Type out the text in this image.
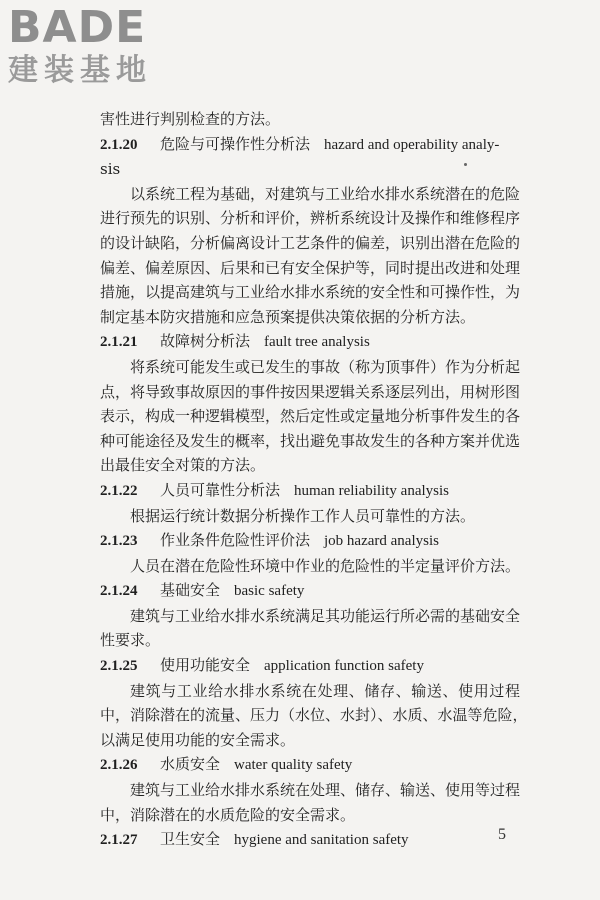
BADE
建装基地
害性进行判别检查的方法。
2.1.20 危险与可操作性分析法 hazard and operability analy-
sis
以系统工程为基础，对建筑与工业给水排水系统潜在的危险
进行预先的识别、分析和评价，辨析系统设计及操作和维修程序
的设计缺陷，分析偏离设计工艺条件的偏差，识别出潜在危险的
偏差、偏差原因、后果和已有安全保护等，同时提出改进和处理
措施，以提高建筑与工业给水排水系统的安全性和可操作性，为
制定基本防灾措施和应急预案提供决策依据的分析方法。
2.1.21 故障树分析法 fault tree analysis
将系统可能发生或已发生的事故（称为顶事件）作为分析起
点，将导致事故原因的事件按因果逻辑关系逐层列出，用树形图
表示，构成一种逻辑模型，然后定性或定量地分析事件发生的各
种可能途径及发生的概率，找出避免事故发生的各种方案并优选
出最佳安全对策的方法。
2.1.22 人员可靠性分析法 human reliability analysis
根据运行统计数据分析操作工作人员可靠性的方法。
2.1.23 作业条件危险性评价法 job hazard analysis
人员在潜在危险性环境中作业的危险性的半定量评价方法。
2.1.24 基础安全 basic safety
建筑与工业给水排水系统满足其功能运行所必需的基础安全
性要求。
2.1.25 使用功能安全 application function safety
建筑与工业给水排水系统在处理、储存、输送、使用过程
中，消除潜在的流量、压力（水位、水封）、水质、水温等危险，
以满足使用功能的安全需求。
2.1.26 水质安全 water quality safety
建筑与工业给水排水系统在处理、储存、输送、使用等过程
中，消除潜在的水质危险的安全需求。
2.1.27 卫生安全 hygiene and sanitation safety	5
